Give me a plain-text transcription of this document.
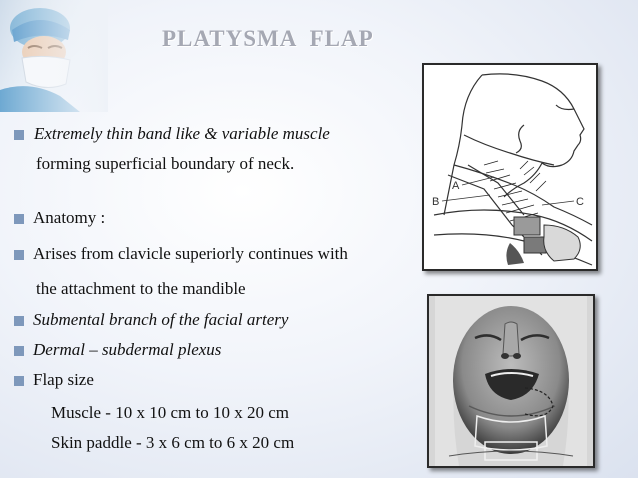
PLATYSMA  FLAP
Extremely thin band like & variable muscle
forming superficial boundary of neck.
Anatomy :
Arises from clavicle superiorly continues with
the attachment to the mandible
Submental branch of the facial artery
Dermal – subdermal plexus
Flap size
Muscle - 10 x 10 cm to 10 x 20 cm
Skin paddle - 3 x 6 cm to 6 x 20 cm
A
B	C
